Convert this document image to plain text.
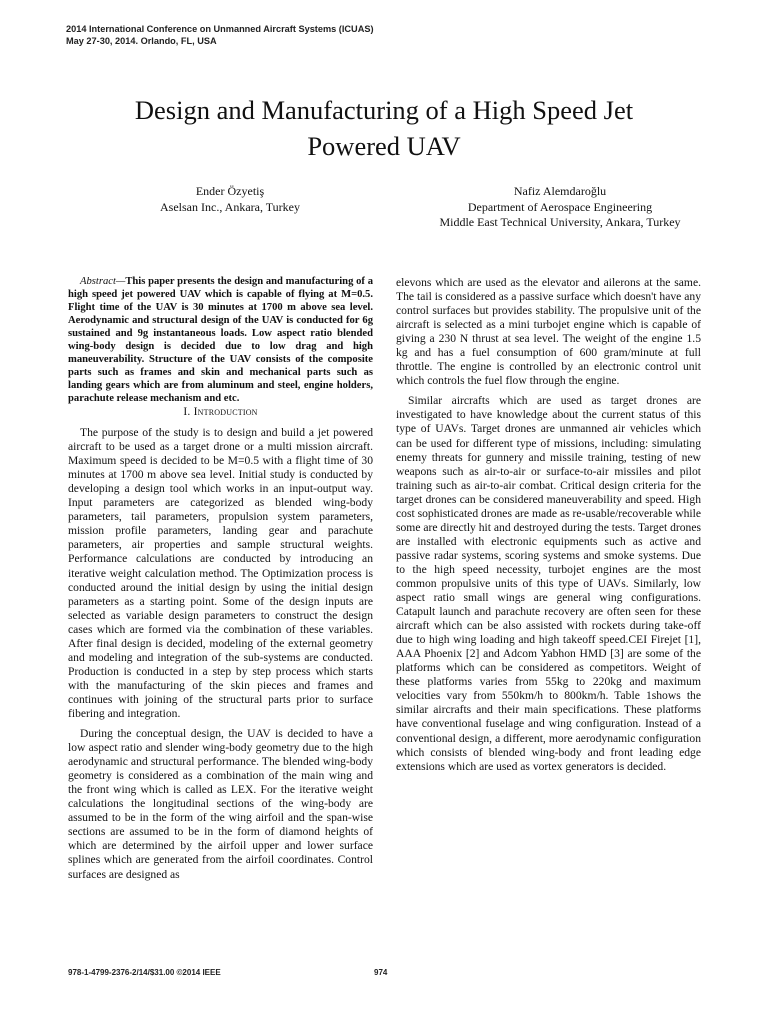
2014 International Conference on Unmanned Aircraft Systems (ICUAS)
May 27-30, 2014. Orlando, FL, USA
Design and Manufacturing of a High Speed Jet
Powered UAV
Ender Özyetiş
Aselsan Inc., Ankara, Turkey
Nafiz Alemdaroğlu
Department of Aerospace Engineering
Middle East Technical University, Ankara, Turkey

Abstract—This paper presents the design and manufacturing of a high speed jet powered UAV which is capable of flying at M=0.5. Flight time of the UAV is 30 minutes at 1700 m above sea level. Aerodynamic and structural design of the UAV is conducted for 6g sustained and 9g instantaneous loads. Low aspect ratio blended wing-body design is decided due to low drag and high maneuverability. Structure of the UAV consists of the composite parts such as frames and skin and mechanical parts such as landing gears which are from aluminum and steel, engine holders, parachute release mechanism and etc.

I. Introduction

The purpose of the study is to design and build a jet powered aircraft to be used as a target drone or a multi mission aircraft. Maximum speed is decided to be M=0.5 with a flight time of 30 minutes at 1700 m above sea level. Initial study is conducted by developing a design tool which works in an input-output way. Input parameters are categorized as blended wing-body parameters, tail parameters, propulsion system parameters, mission profile parameters, landing gear and parachute parameters, air properties and sample structural weights. Performance calculations are conducted by introducing an iterative weight calculation method. The Optimization process is conducted around the initial design by using the initial design parameters as a starting point. Some of the design inputs are selected as variable design parameters to construct the design cases which are formed via the combination of these variables. After final design is decided, modeling of the external geometry and modeling and integration of the sub-systems are conducted. Production is conducted in a step by step process which starts with the manufacturing of the skin pieces and frames and continues with joining of the structural parts prior to surface fibering and integration.

During the conceptual design, the UAV is decided to have a low aspect ratio and slender wing-body geometry due to the high aerodynamic and structural performance. The blended wing-body geometry is considered as a combination of the main wing and the front wing which is called as LEX. For the iterative weight calculations the longitudinal sections of the wing-body are assumed to be in the form of the wing airfoil and the span-wise sections are assumed to be in the form of diamond heights of which are determined by the airfoil upper and lower surface splines which are generated from the airfoil coordinates. Control surfaces are designed as

elevons which are used as the elevator and ailerons at the same. The tail is considered as a passive surface which doesn't have any control surfaces but provides stability. The propulsive unit of the aircraft is selected as a mini turbojet engine which is capable of giving a 230 N thrust at sea level. The weight of the engine 1.5 kg and has a fuel consumption of 600 gram/minute at full throttle. The engine is controlled by an electronic control unit which controls the fuel flow through the engine.

Similar aircrafts which are used as target drones are investigated to have knowledge about the current status of this type of UAVs. Target drones are unmanned air vehicles which can be used for different type of missions, including: simulating enemy threats for gunnery and missile training, testing of new weapons such as air-to-air or surface-to-air missiles and pilot training such as air-to-air combat. Critical design criteria for the target drones can be considered maneuverability and speed. High cost sophisticated drones are made as re-usable/recoverable while some are directly hit and destroyed during the tests. Target drones are installed with electronic equipments such as active and passive radar systems, scoring systems and smoke systems. Due to the high speed necessity, turbojet engines are the most common propulsive units of this type of UAVs. Similarly, low aspect ratio small wings are general wing configurations. Catapult launch and parachute recovery are often seen for these aircraft which can be also assisted with rockets during take-off due to high wing loading and high takeoff speed.CEI Firejet [1], AAA Phoenix [2] and Adcom Yabhon HMD [3] are some of the platforms which can be considered as competitors. Weight of these platforms varies from 55kg to 220kg and maximum velocities vary from 550km/h to 800km/h. Table 1shows the similar aircrafts and their main specifications. These platforms have conventional fuselage and wing configuration. Instead of a conventional design, a different, more aerodynamic configuration which consists of blended wing-body and front leading edge extensions which are used as vortex generators is decided.

978-1-4799-2376-2/14/$31.00 ©2014 IEEE	974
